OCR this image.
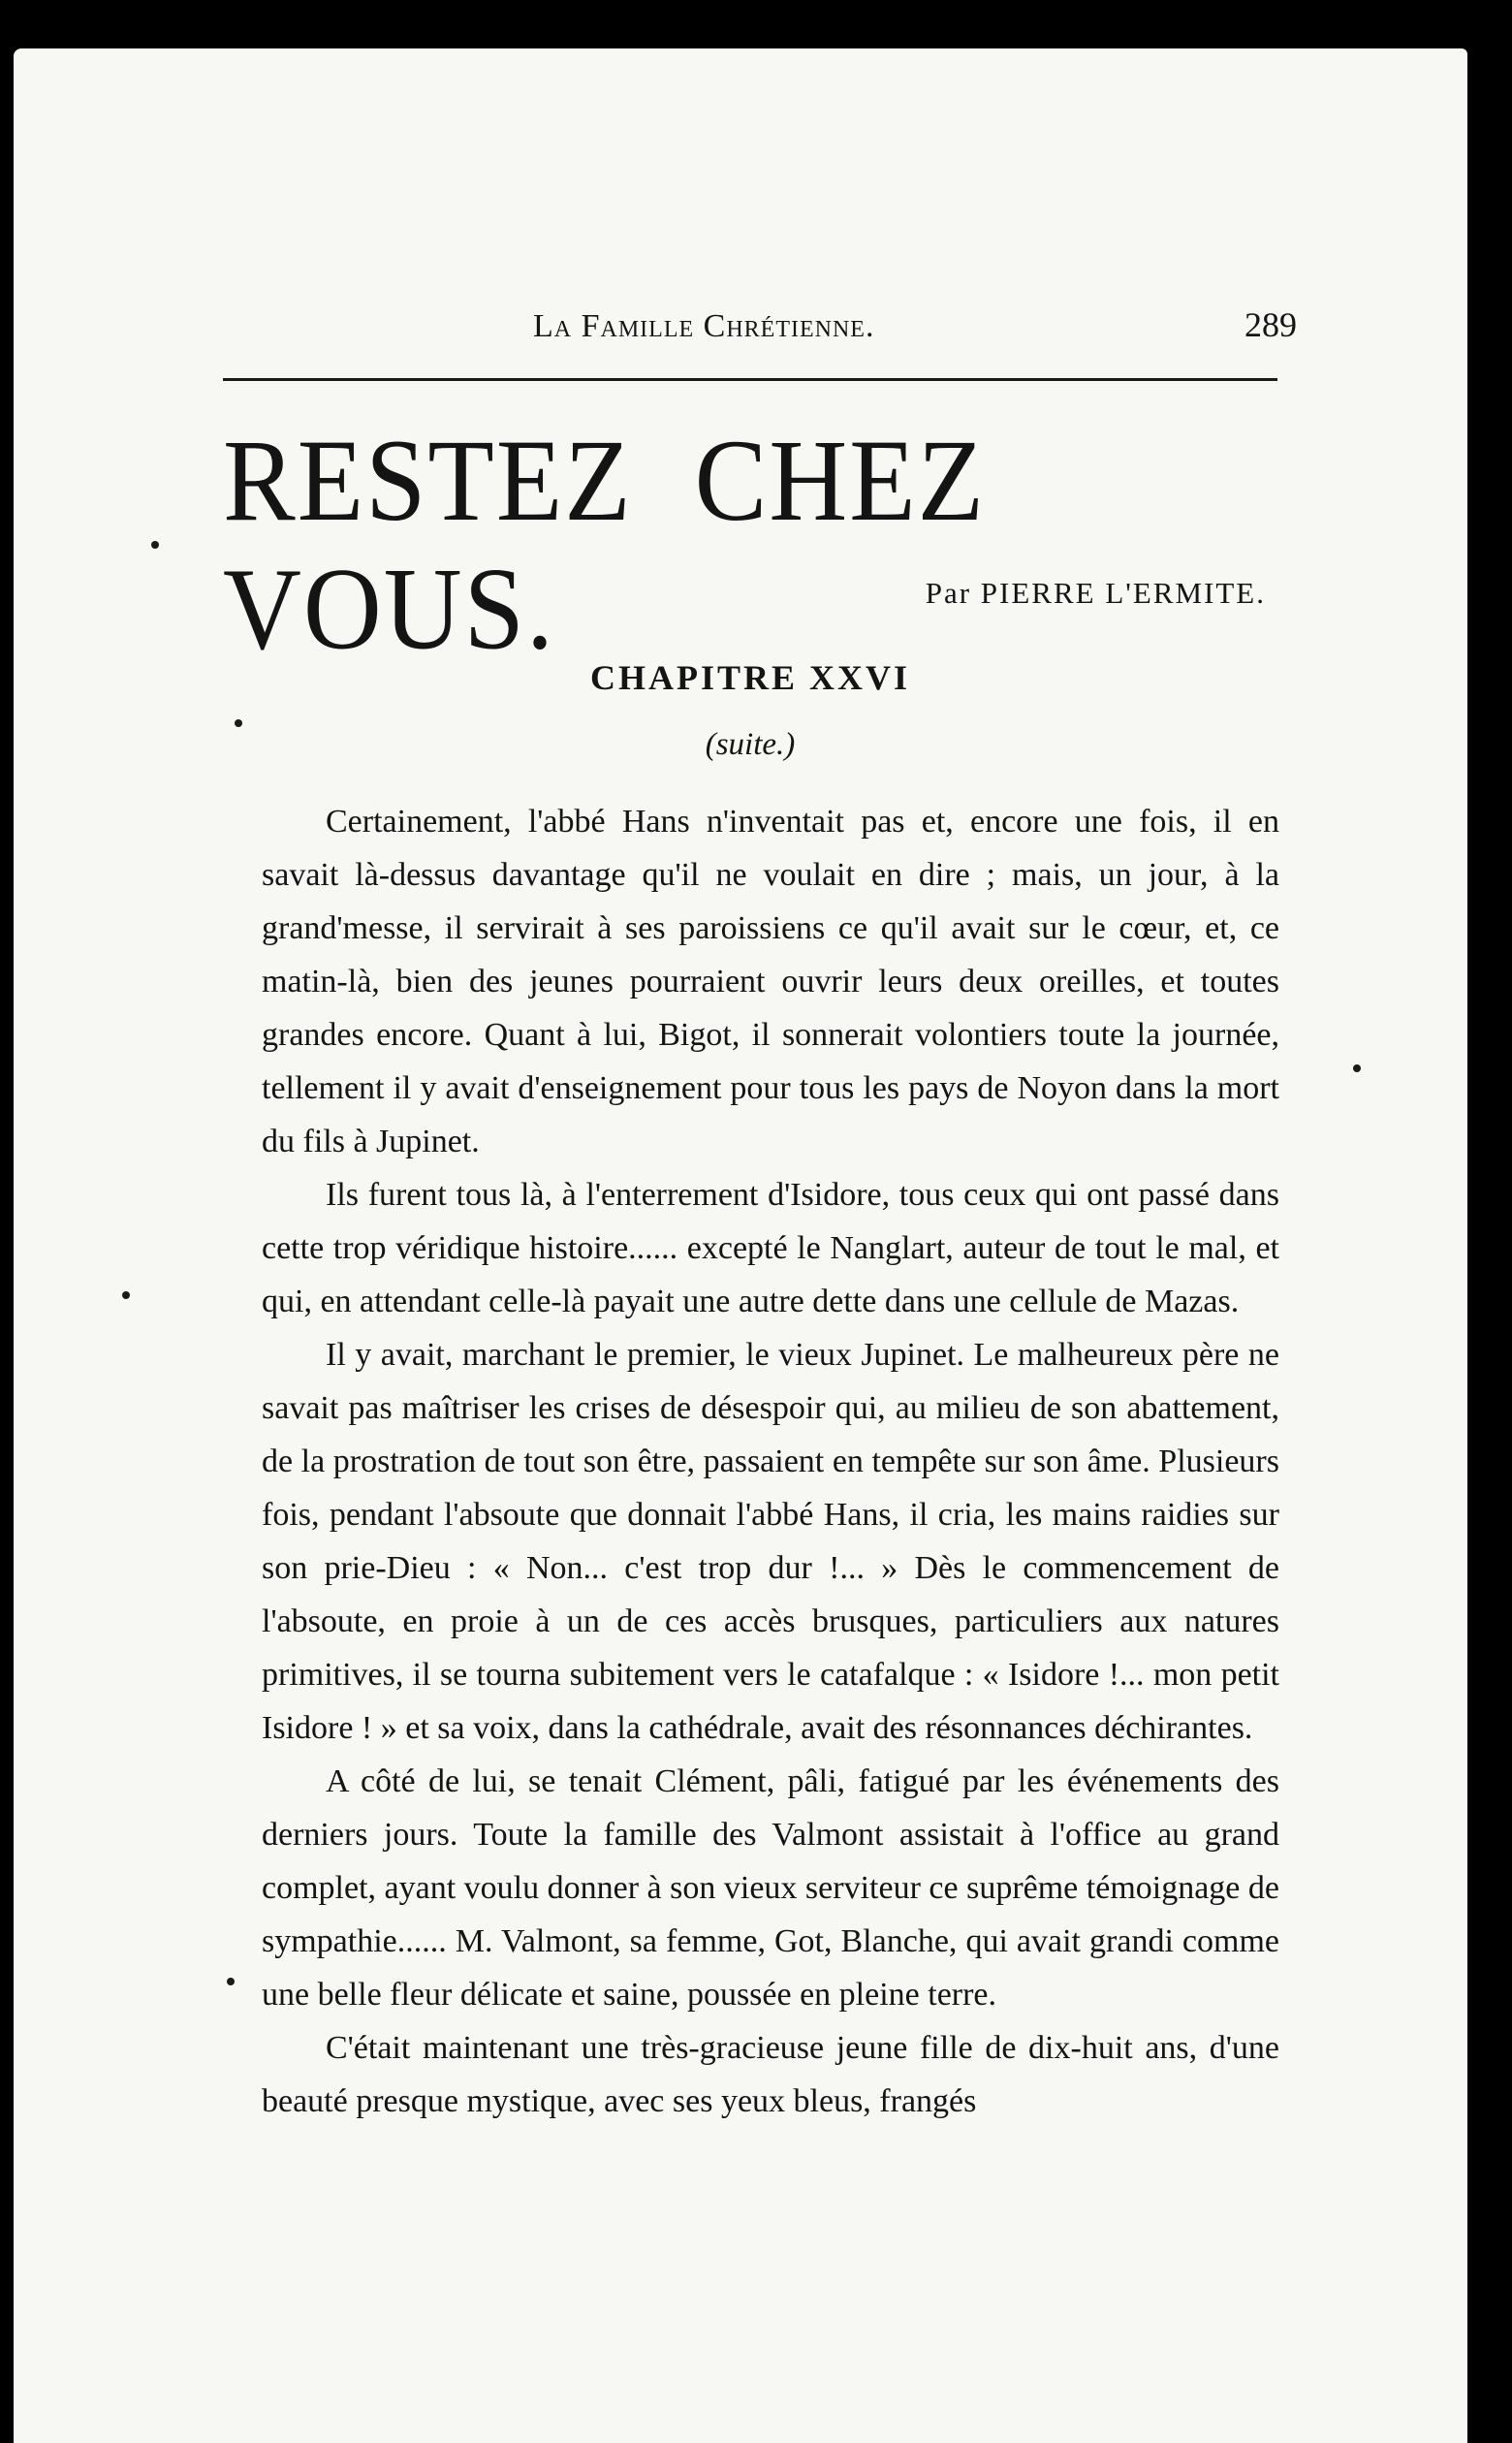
La Famille Chrétienne.	289
RESTEZ CHEZ VOUS.	Par PIERRE L'ERMITE.
CHAPITRE XXVI
(suite.)

Certainement, l'abbé Hans n'inventait pas et, encore une fois, il en savait là-dessus davantage qu'il ne voulait en dire ; mais, un jour, à la grand'messe, il servirait à ses paroissiens ce qu'il avait sur le cœur, et, ce matin-là, bien des jeunes pourraient ouvrir leurs deux oreilles, et toutes grandes encore. Quant à lui, Bigot, il sonnerait volontiers toute la journée, tellement il y avait d'enseignement pour tous les pays de Noyon dans la mort du fils à Jupinet.

Ils furent tous là, à l'enterrement d'Isidore, tous ceux qui ont passé dans cette trop véridique histoire...... excepté le Nanglart, auteur de tout le mal, et qui, en attendant celle-là payait une autre dette dans une cellule de Mazas.

Il y avait, marchant le premier, le vieux Jupinet. Le malheureux père ne savait pas maîtriser les crises de désespoir qui, au milieu de son abattement, de la prostration de tout son être, passaient en tempête sur son âme. Plusieurs fois, pendant l'absoute que donnait l'abbé Hans, il cria, les mains raidies sur son prie-Dieu : « Non... c'est trop dur !... » Dès le commencement de l'absoute, en proie à un de ces accès brusques, particuliers aux natures primitives, il se tourna subitement vers le catafalque : « Isidore !... mon petit Isidore ! » et sa voix, dans la cathédrale, avait des résonnances déchirantes.

A côté de lui, se tenait Clément, pâli, fatigué par les événements des derniers jours. Toute la famille des Valmont assistait à l'office au grand complet, ayant voulu donner à son vieux serviteur ce suprême témoignage de sympathie...... M. Valmont, sa femme, Got, Blanche, qui avait grandi comme une belle fleur délicate et saine, poussée en pleine terre.

C'était maintenant une très-gracieuse jeune fille de dix-huit ans, d'une beauté presque mystique, avec ses yeux bleus, frangés
